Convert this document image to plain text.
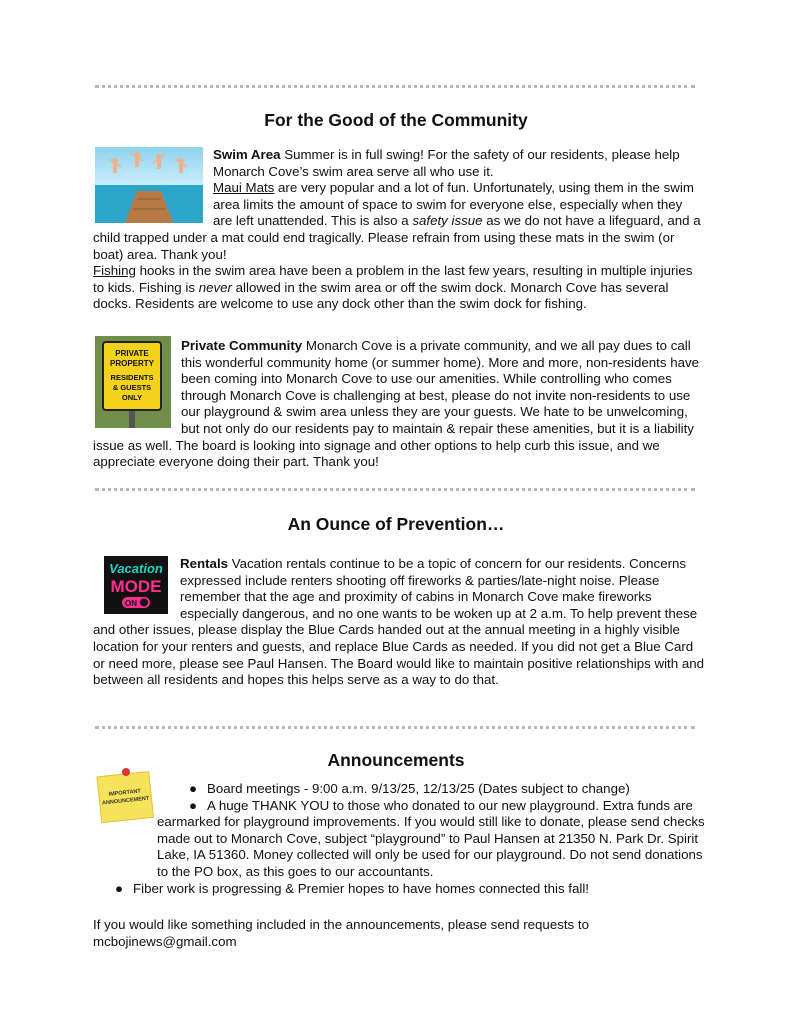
For the Good of the Community

Swim Area Summer is in full swing! For the safety of our residents, please help Monarch Cove’s swim area serve all who use it.
Maui Mats are very popular and a lot of fun. Unfortunately, using them in the swim area limits the amount of space to swim for everyone else, especially when they are left unattended. This is also a safety issue as we do not have a lifeguard, and a child trapped under a mat could end tragically. Please refrain from using these mats in the swim (or boat) area. Thank you!
Fishing hooks in the swim area have been a problem in the last few years, resulting in multiple injuries to kids. Fishing is never allowed in the swim area or off the swim dock. Monarch Cove has several docks. Residents are welcome to use any dock other than the swim dock for fishing.

PRIVATE
PROPERTY
RESIDENTS
& GUESTS
ONLY

Private Community Monarch Cove is a private community, and we all pay dues to call this wonderful community home (or summer home). More and more, non-residents have been coming into Monarch Cove to use our amenities. While controlling who comes through Monarch Cove is challenging at best, please do not invite non-residents to use our playground & swim area unless they are your guests. We hate to be unwelcoming, but not only do our residents pay to maintain & repair these amenities, but it is a liability issue as well. The board is looking into signage and other options to help curb this issue, and we appreciate everyone doing their part. Thank you!

An Ounce of Prevention…
Vacation
MODE
ON

Rentals Vacation rentals continue to be a topic of concern for our residents. Concerns expressed include renters shooting off fireworks & parties/late-night noise. Please remember that the age and proximity of cabins in Monarch Cove make fireworks especially dangerous, and no one wants to be woken up at 2 a.m. To help prevent these and other issues, please display the Blue Cards handed out at the annual meeting in a highly visible location for your renters and guests, and replace Blue Cards as needed. If you did not get a Blue Card or need more, please see Paul Hansen. The Board would like to maintain positive relationships with and between all residents and hopes this helps serve as a way to do that.

Announcements
IMPORTANT
ANNOUNCEMENT
● Board meetings - 9:00 a.m. 9/13/25, 12/13/25 (Dates subject to change)
● A huge THANK YOU to those who donated to our new playground. Extra funds are earmarked for playground improvements. If you would still like to donate, please send checks made out to Monarch Cove, subject “playground” to Paul Hansen at 21350 N. Park Dr. Spirit Lake, IA 51360. Money collected will only be used for our playground. Do not send donations to the PO box, as this goes to our accountants.
● Fiber work is progressing & Premier hopes to have homes connected this fall!

If you would like something included in the announcements, please send requests to mcbojinews@gmail.com
